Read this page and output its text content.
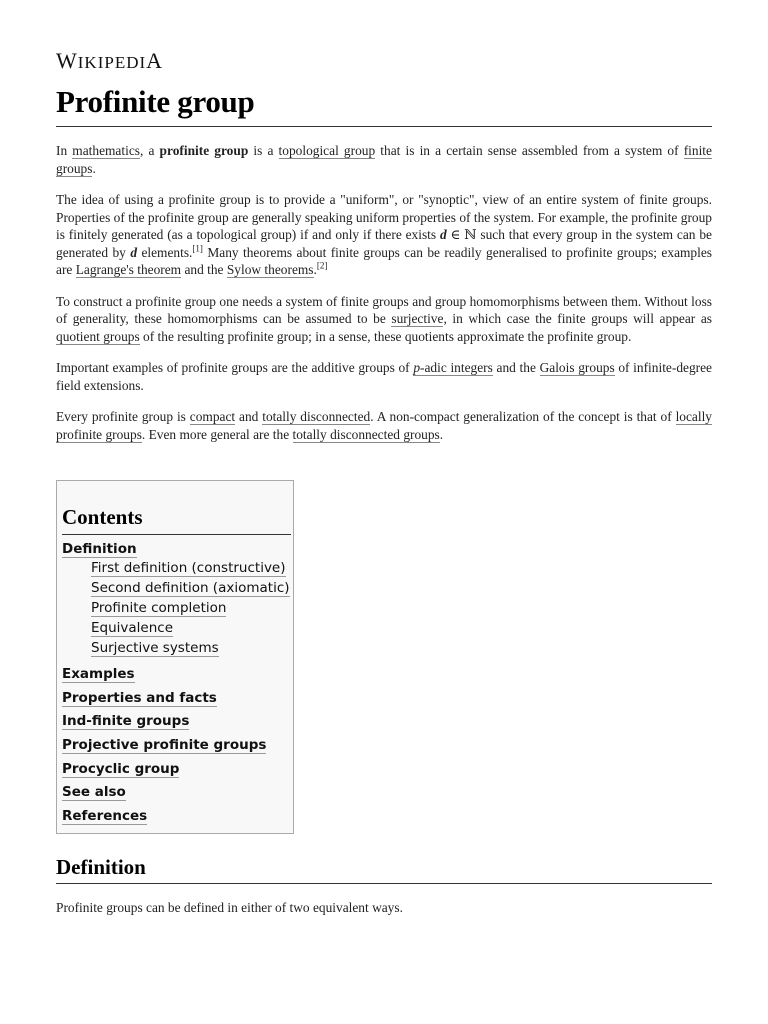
WIKIPEDIA
Profinite group

In mathematics, a profinite group is a topological group that is in a certain sense assembled from a system of finite groups.

The idea of using a profinite group is to provide a "uniform", or "synoptic", view of an entire system of finite groups. Properties of the profinite group are generally speaking uniform properties of the system. For example, the profinite group is finitely generated (as a topological group) if and only if there exists d ∈ ℕ such that every group in the system can be generated by d elements.[1] Many theorems about finite groups can be readily generalised to profinite groups; examples are Lagrange's theorem and the Sylow theorems.[2]

To construct a profinite group one needs a system of finite groups and group homomorphisms between them. Without loss of generality, these homomorphisms can be assumed to be surjective, in which case the finite groups will appear as quotient groups of the resulting profinite group; in a sense, these quotients approximate the profinite group.

Important examples of profinite groups are the additive groups of p-adic integers and the Galois groups of infinite-degree field extensions.

Every profinite group is compact and totally disconnected. A non-compact generalization of the concept is that of locally profinite groups. Even more general are the totally disconnected groups.

Contents
Definition
First definition (constructive)
Second definition (axiomatic)
Profinite completion
Equivalence
Surjective systems
Examples
Properties and facts
Ind-finite groups
Projective profinite groups
Procyclic group
See also
References
Definition

Profinite groups can be defined in either of two equivalent ways.
